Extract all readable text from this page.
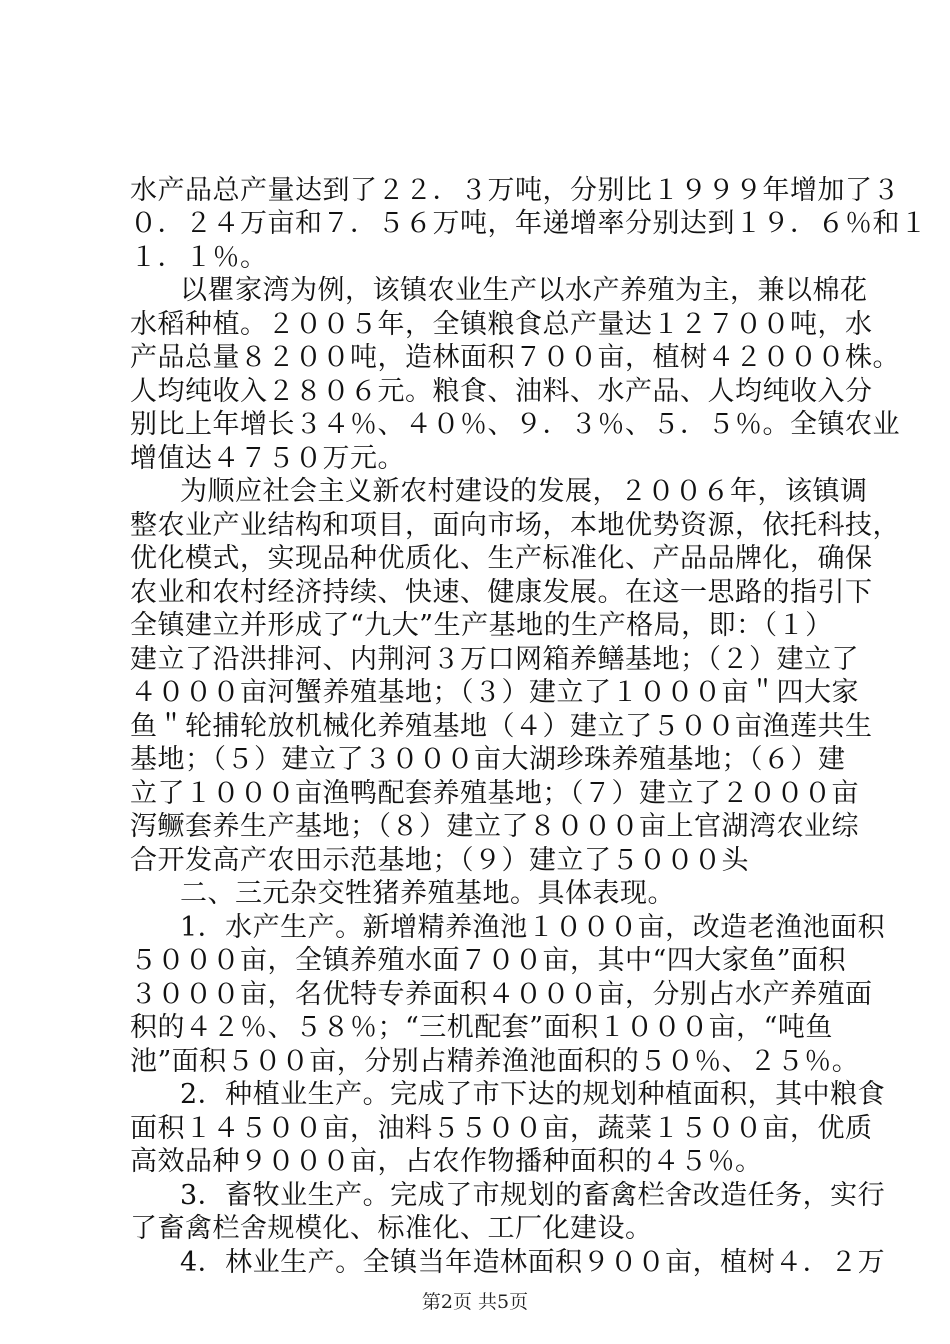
水产品总产量达到了２２．３万吨，分别比１９９９年增加了３
０．２４万亩和７．５６万吨，年递增率分别达到１９．６％和１
１．１％。
以瞿家湾为例，该镇农业生产以水产养殖为主，兼以棉花
水稻种植。２００５年，全镇粮食总产量达１２７００吨，水
产品总量８２００吨，造林面积７００亩，植树４２０００株。
人均纯收入２８０６元。粮食、油料、水产品、人均纯收入分
别比上年增长３４％、４０％、９．３％、５．５％。全镇农业
增值达４７５０万元。
为顺应社会主义新农村建设的发展，２００６年，该镇调
整农业产业结构和项目，面向市场，本地优势资源，依托科技，
优化模式，实现品种优质化、生产标准化、产品品牌化，确保
农业和农村经济持续、快速、健康发展。在这一思路的指引下
全镇建立并形成了“九大”生产基地的生产格局，即：（１）
建立了沿洪排河、内荆河３万口网箱养鳝基地；（２）建立了
４０００亩河蟹养殖基地；（３）建立了１０００亩＂四大家
鱼＂轮捕轮放机械化养殖基地（４）建立了５００亩渔莲共生
基地；（５）建立了３０００亩大湖珍珠养殖基地；（６）建
立了１０００亩渔鸭配套养殖基地；（７）建立了２０００亩
泻鳜套养生产基地；（８）建立了８０００亩上官湖湾农业综
合开发高产农田示范基地；（９）建立了５０００头
二、三元杂交牲猪养殖基地。具体表现。
1．水产生产。新增精养渔池１０００亩，改造老渔池面积
５０００亩，全镇养殖水面７００亩，其中“四大家鱼”面积
３０００亩，名优特专养面积４０００亩，分别占水产养殖面
积的４２％、５８％；“三机配套”面积１０００亩，“吨鱼
池”面积５００亩，分别占精养渔池面积的５０％、２５％。
2．种植业生产。完成了市下达的规划种植面积，其中粮食
面积１４５００亩，油料５５００亩，蔬菜１５００亩，优质
高效品种９０００亩，占农作物播种面积的４５％。
3．畜牧业生产。完成了市规划的畜禽栏舍改造任务，实行
了畜禽栏舍规模化、标准化、工厂化建设。
4．林业生产。全镇当年造林面积９００亩，植树４．２万
第2页 共5页
